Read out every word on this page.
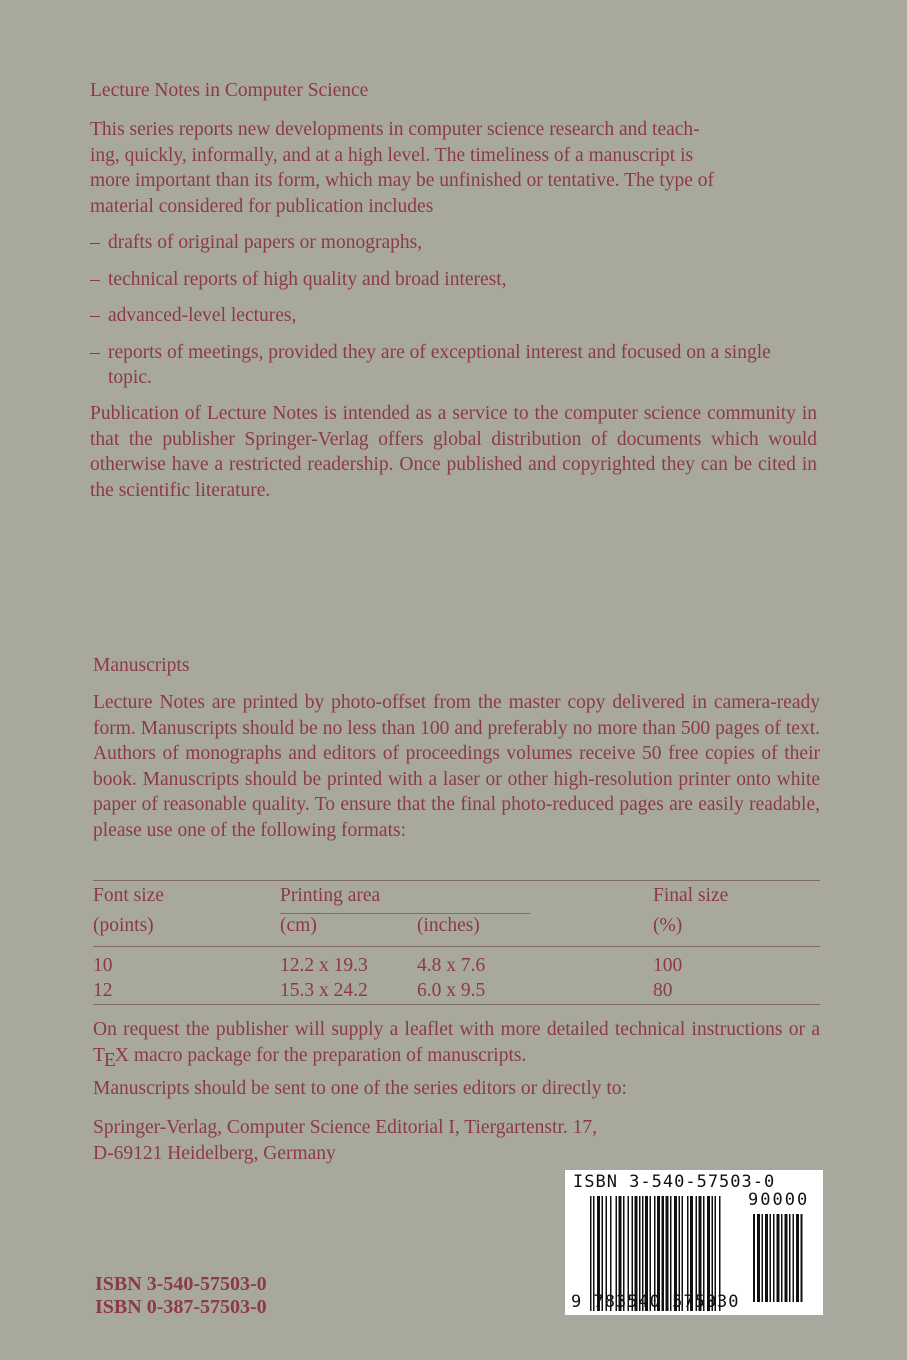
Lecture Notes in Computer Science
This series reports new developments in computer science research and teach-
ing, quickly, informally, and at a high level. The timeliness of a manuscript is
more important than its form, which may be unfinished or tentative. The type of
material considered for publication includes
– drafts of original papers or monographs,
– technical reports of high quality and broad interest,
– advanced-level lectures,
– reports of meetings, provided they are of exceptional interest and focused on a single topic.
Publication of Lecture Notes is intended as a service to the computer science community in that the publisher Springer-Verlag offers global distribution of documents which would otherwise have a restricted readership. Once published and copyrighted they can be cited in the scientific literature.
Manuscripts
Lecture Notes are printed by photo-offset from the master copy delivered in camera-ready form. Manuscripts should be no less than 100 and preferably no more than 500 pages of text. Authors of monographs and editors of proceedings volumes receive 50 free copies of their book. Manuscripts should be printed with a laser or other high-resolution printer onto white paper of reasonable quality. To ensure that the final photo-reduced pages are easily readable, please use one of the following formats:
Font size	Printing area		Final size
(points)	(cm)	(inches)	(%)
10	12.2 x 19.3	4.8 x 7.6	100
12	15.3 x 24.2	6.0 x 9.5	80
On request the publisher will supply a leaflet with more detailed technical instructions or a TEX macro package for the preparation of manuscripts.
Manuscripts should be sent to one of the series editors or directly to:
Springer-Verlag, Computer Science Editorial I, Tiergartenstr. 17,
D-69121 Heidelberg, Germany
ISBN 3-540-57503-0
ISBN 0-387-57503-0
ISBN 3-540-57503-0
90000
9 783540 575030
